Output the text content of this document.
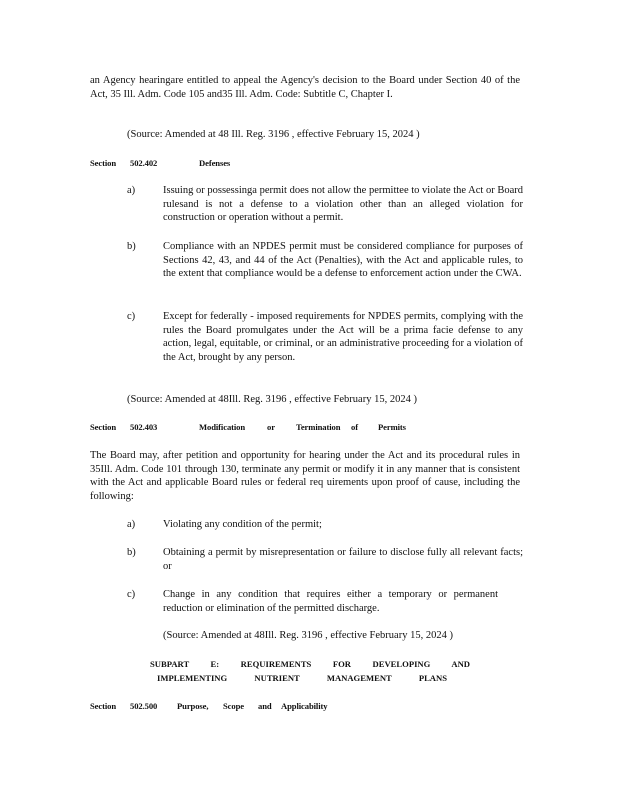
an Agency hearingare entitled to appeal the Agency's decision to the Board under Section 40 of the Act, 35 Ill. Adm. Code 105 and35 Ill. Adm. Code: Subtitle C, Chapter I.
(Source: Amended at 48 Ill. Reg. 3196 , effective February 15, 2024 )
Section 502.402	Defenses
a)	Issuing or possessinga permit does not allow the permittee to violate the Act or Board rulesand is not a defense to a violation other than an alleged violation for construction or operation without a permit.
b)	Compliance with an NPDES permit must be considered compliance for purposes of Sections 42, 43, and 44 of the Act (Penalties), with the Act and applicable rules, to the extent that compliance would be a defense to enforcement action under the CWA.
c)	Except for federally - imposed requirements for NPDES permits, complying with the rules the Board promulgates under the Act will be a prima facie defense to any action, legal, equitable, or criminal, or an administrative proceeding for a violation of the Act, brought by any person.
(Source: Amended at 48Ill. Reg. 3196 , effective February 15, 2024 )
Section 502.403	Modification	or Termination of Permits
The Board may, after petition and opportunity for hearing under the Act and its procedural rules in 35Ill. Adm. Code 101 through 130, terminate any permit or modify it in any manner that is consistent with the Act and applicable Board rules or federal req uirements upon proof of cause, including the following:
a)	Violating any condition of the permit;
b)	Obtaining a permit by misrepresentation or failure to disclose fully all relevant facts; or
c)	Change in any condition that requires either a temporary or permanent reduction or elimination of the permitted discharge.
(Source: Amended at 48Ill. Reg. 3196 , effective February 15, 2024 )
SUBPART E: REQUIREMENTS FOR DEVELOPING AND
IMPLEMENTING NUTRIENT MANAGEMENT PLANS
Section 502.500 Purpose, Scope and Applicability
